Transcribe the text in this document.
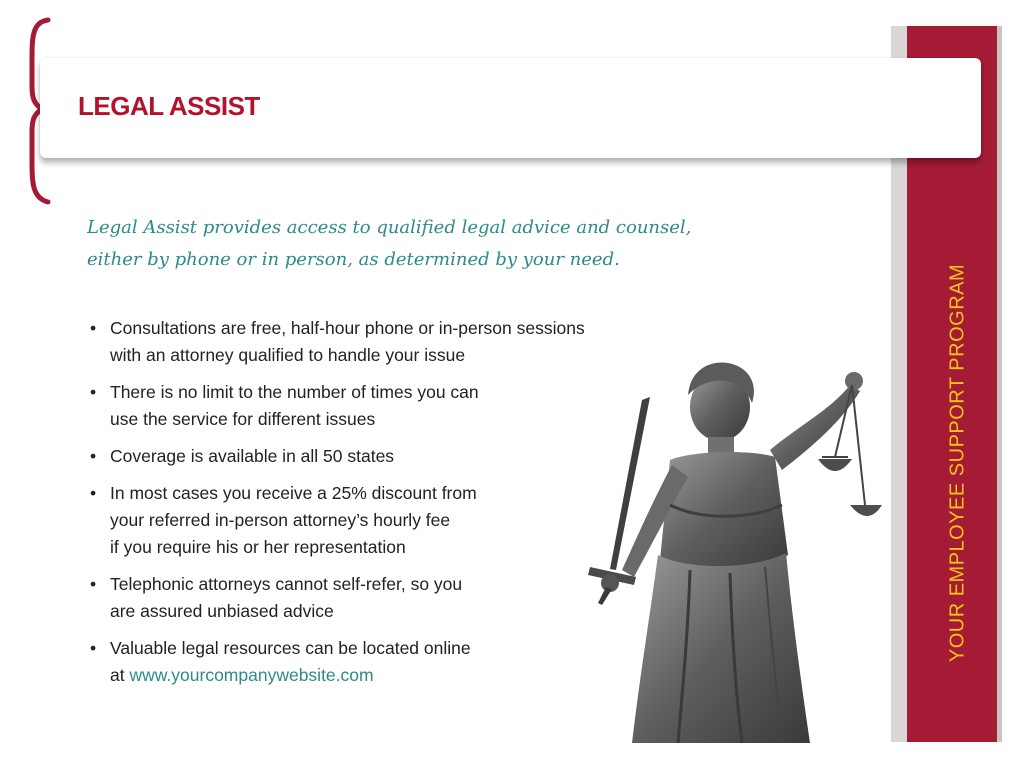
YOUR EMPLOYEE SUPPORT PROGRAM
LEGAL ASSIST

Legal Assist provides access to qualified legal advice and counsel,
either by phone or in person, as determined by your need.

• Consultations are free, half-hour phone or in-person sessions
with an attorney qualified to handle your issue
• There is no limit to the number of times you can
use the service for different issues
• Coverage is available in all 50 states
• In most cases you receive a 25% discount from
your referred in-person attorney’s hourly fee
if you require his or her representation
• Telephonic attorneys cannot self-refer, so you
are assured unbiased advice
• Valuable legal resources can be located online
at www.yourcompanywebsite.com
